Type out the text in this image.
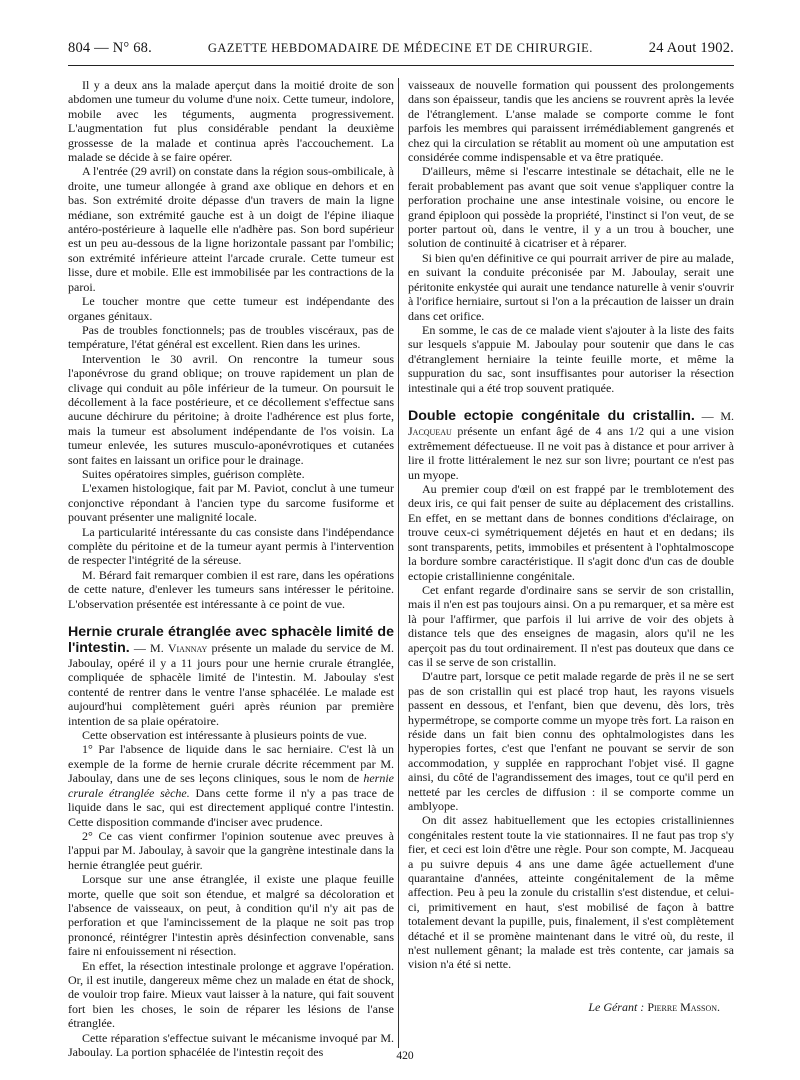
804 — N° 68.	GAZETTE HEBDOMADAIRE DE MÉDECINE ET DE CHIRURGIE.	24 Aout 1902.

Il y a deux ans la malade aperçut dans la moitié droite de son abdomen une tumeur du volume d'une noix. Cette tumeur, indolore, mobile avec les téguments, augmenta progressivement. L'augmentation fut plus considérable pendant la deuxième grossesse de la malade et continua après l'accouchement. La malade se décide à se faire opérer.

A l'entrée (29 avril) on constate dans la région sous-ombilicale, à droite, une tumeur allongée à grand axe oblique en dehors et en bas. Son extrémité droite dépasse d'un travers de main la ligne médiane, son extrémité gauche est à un doigt de l'épine iliaque antéro-postérieure à laquelle elle n'adhère pas. Son bord supérieur est un peu au-dessous de la ligne horizontale passant par l'ombilic; son extrémité inférieure atteint l'arcade crurale. Cette tumeur est lisse, dure et mobile. Elle est immobilisée par les contractions de la paroi.

Le toucher montre que cette tumeur est indépendante des organes génitaux.

Pas de troubles fonctionnels; pas de troubles viscéraux, pas de température, l'état général est excellent. Rien dans les urines.

Intervention le 30 avril. On rencontre la tumeur sous l'aponévrose du grand oblique; on trouve rapidement un plan de clivage qui conduit au pôle inférieur de la tumeur. On poursuit le décollement à la face postérieure, et ce décollement s'effectue sans aucune déchirure du péritoine; à droite l'adhérence est plus forte, mais la tumeur est absolument indépendante de l'os voisin. La tumeur enlevée, les sutures musculo-aponévrotiques et cutanées sont faites en laissant un orifice pour le drainage.

Suites opératoires simples, guérison complète.

L'examen histologique, fait par M. Paviot, conclut à une tumeur conjonctive répondant à l'ancien type du sarcome fusiforme et pouvant présenter une malignité locale.

La particularité intéressante du cas consiste dans l'indépendance complète du péritoine et de la tumeur ayant permis à l'intervention de respecter l'intégrité de la séreuse.

M. Bérard fait remarquer combien il est rare, dans les opérations de cette nature, d'enlever les tumeurs sans intéresser le péritoine. L'observation présentée est intéressante à ce point de vue.

Hernie crurale étranglée avec sphacèle limité de l'intestin. — M. Viannay présente un malade du service de M. Jaboulay, opéré il y a 11 jours pour une hernie crurale étranglée, compliquée de sphacèle limité de l'intestin. M. Jaboulay s'est contenté de rentrer dans le ventre l'anse sphacélée. Le malade est aujourd'hui complètement guéri après réunion par première intention de sa plaie opératoire.

Cette observation est intéressante à plusieurs points de vue.

1° Par l'absence de liquide dans le sac herniaire. C'est là un exemple de la forme de hernie crurale décrite récemment par M. Jaboulay, dans une de ses leçons cliniques, sous le nom de hernie crurale étranglée sèche. Dans cette forme il n'y a pas trace de liquide dans le sac, qui est directement appliqué contre l'intestin. Cette disposition commande d'inciser avec prudence.

2° Ce cas vient confirmer l'opinion soutenue avec preuves à l'appui par M. Jaboulay, à savoir que la gangrène intestinale dans la hernie étranglée peut guérir.

Lorsque sur une anse étranglée, il existe une plaque feuille morte, quelle que soit son étendue, et malgré sa décoloration et l'absence de vaisseaux, on peut, à condition qu'il n'y ait pas de perforation et que l'amincissement de la plaque ne soit pas trop prononcé, réintégrer l'intestin après désinfection convenable, sans faire ni enfouissement ni résection.

En effet, la résection intestinale prolonge et aggrave l'opération. Or, il est inutile, dangereux même chez un malade en état de shock, de vouloir trop faire. Mieux vaut laisser à la nature, qui fait souvent fort bien les choses, le soin de réparer les lésions de l'anse étranglée.

Cette réparation s'effectue suivant le mécanisme invoqué par M. Jaboulay. La portion sphacélée de l'intestin reçoit des

vaisseaux de nouvelle formation qui poussent des prolongements dans son épaisseur, tandis que les anciens se rouvrent après la levée de l'étranglement. L'anse malade se comporte comme le font parfois les membres qui paraissent irrémédiablement gangrenés et chez qui la circulation se rétablit au moment où une amputation est considérée comme indispensable et va être pratiquée.

D'ailleurs, même si l'escarre intestinale se détachait, elle ne le ferait probablement pas avant que soit venue s'appliquer contre la perforation prochaine une anse intestinale voisine, ou encore le grand épiploon qui possède la propriété, l'instinct si l'on veut, de se porter partout où, dans le ventre, il y a un trou à boucher, une solution de continuité à cicatriser et à réparer.

Si bien qu'en définitive ce qui pourrait arriver de pire au malade, en suivant la conduite préconisée par M. Jaboulay, serait une péritonite enkystée qui aurait une tendance naturelle à venir s'ouvrir à l'orifice herniaire, surtout si l'on a la précaution de laisser un drain dans cet orifice.

En somme, le cas de ce malade vient s'ajouter à la liste des faits sur lesquels s'appuie M. Jaboulay pour soutenir que dans le cas d'étranglement herniaire la teinte feuille morte, et même la suppuration du sac, sont insuffisantes pour autoriser la résection intestinale qui a été trop souvent pratiquée.

Double ectopie congénitale du cristallin. — M. Jacqueau présente un enfant âgé de 4 ans 1/2 qui a une vision extrêmement défectueuse. Il ne voit pas à distance et pour arriver à lire il frotte littéralement le nez sur son livre; pourtant ce n'est pas un myope.

Au premier coup d'œil on est frappé par le tremblotement des deux iris, ce qui fait penser de suite au déplacement des cristallins. En effet, en se mettant dans de bonnes conditions d'éclairage, on trouve ceux-ci symétriquement déjetés en haut et en dedans; ils sont transparents, petits, immobiles et présentent à l'ophtalmoscope la bordure sombre caractéristique. Il s'agit donc d'un cas de double ectopie cristallinienne congénitale.

Cet enfant regarde d'ordinaire sans se servir de son cristallin, mais il n'en est pas toujours ainsi. On a pu remarquer, et sa mère est là pour l'affirmer, que parfois il lui arrive de voir des objets à distance tels que des enseignes de magasin, alors qu'il ne les aperçoit pas du tout ordinairement. Il n'est pas douteux que dans ce cas il se serve de son cristallin.

D'autre part, lorsque ce petit malade regarde de près il ne se sert pas de son cristallin qui est placé trop haut, les rayons visuels passent en dessous, et l'enfant, bien que devenu, dès lors, très hypermétrope, se comporte comme un myope très fort. La raison en réside dans un fait bien connu des ophtalmologistes dans les hyperopies fortes, c'est que l'enfant ne pouvant se servir de son accommodation, y supplée en rapprochant l'objet visé. Il gagne ainsi, du côté de l'agrandissement des images, tout ce qu'il perd en netteté par les cercles de diffusion : il se comporte comme un amblyope.

On dit assez habituellement que les ectopies cristalliniennes congénitales restent toute la vie stationnaires. Il ne faut pas trop s'y fier, et ceci est loin d'être une règle. Pour son compte, M. Jacqueau a pu suivre depuis 4 ans une dame âgée actuellement d'une quarantaine d'années, atteinte congénitalement de la même affection. Peu à peu la zonule du cristallin s'est distendue, et celui-ci, primitivement en haut, s'est mobilisé de façon à battre totalement devant la pupille, puis, finalement, il s'est complètement détaché et il se promène maintenant dans le vitré où, du reste, il n'est nullement gênant; la malade est très contente, car jamais sa vision n'a été si nette.

Le Gérant : Pierre Masson.
420
